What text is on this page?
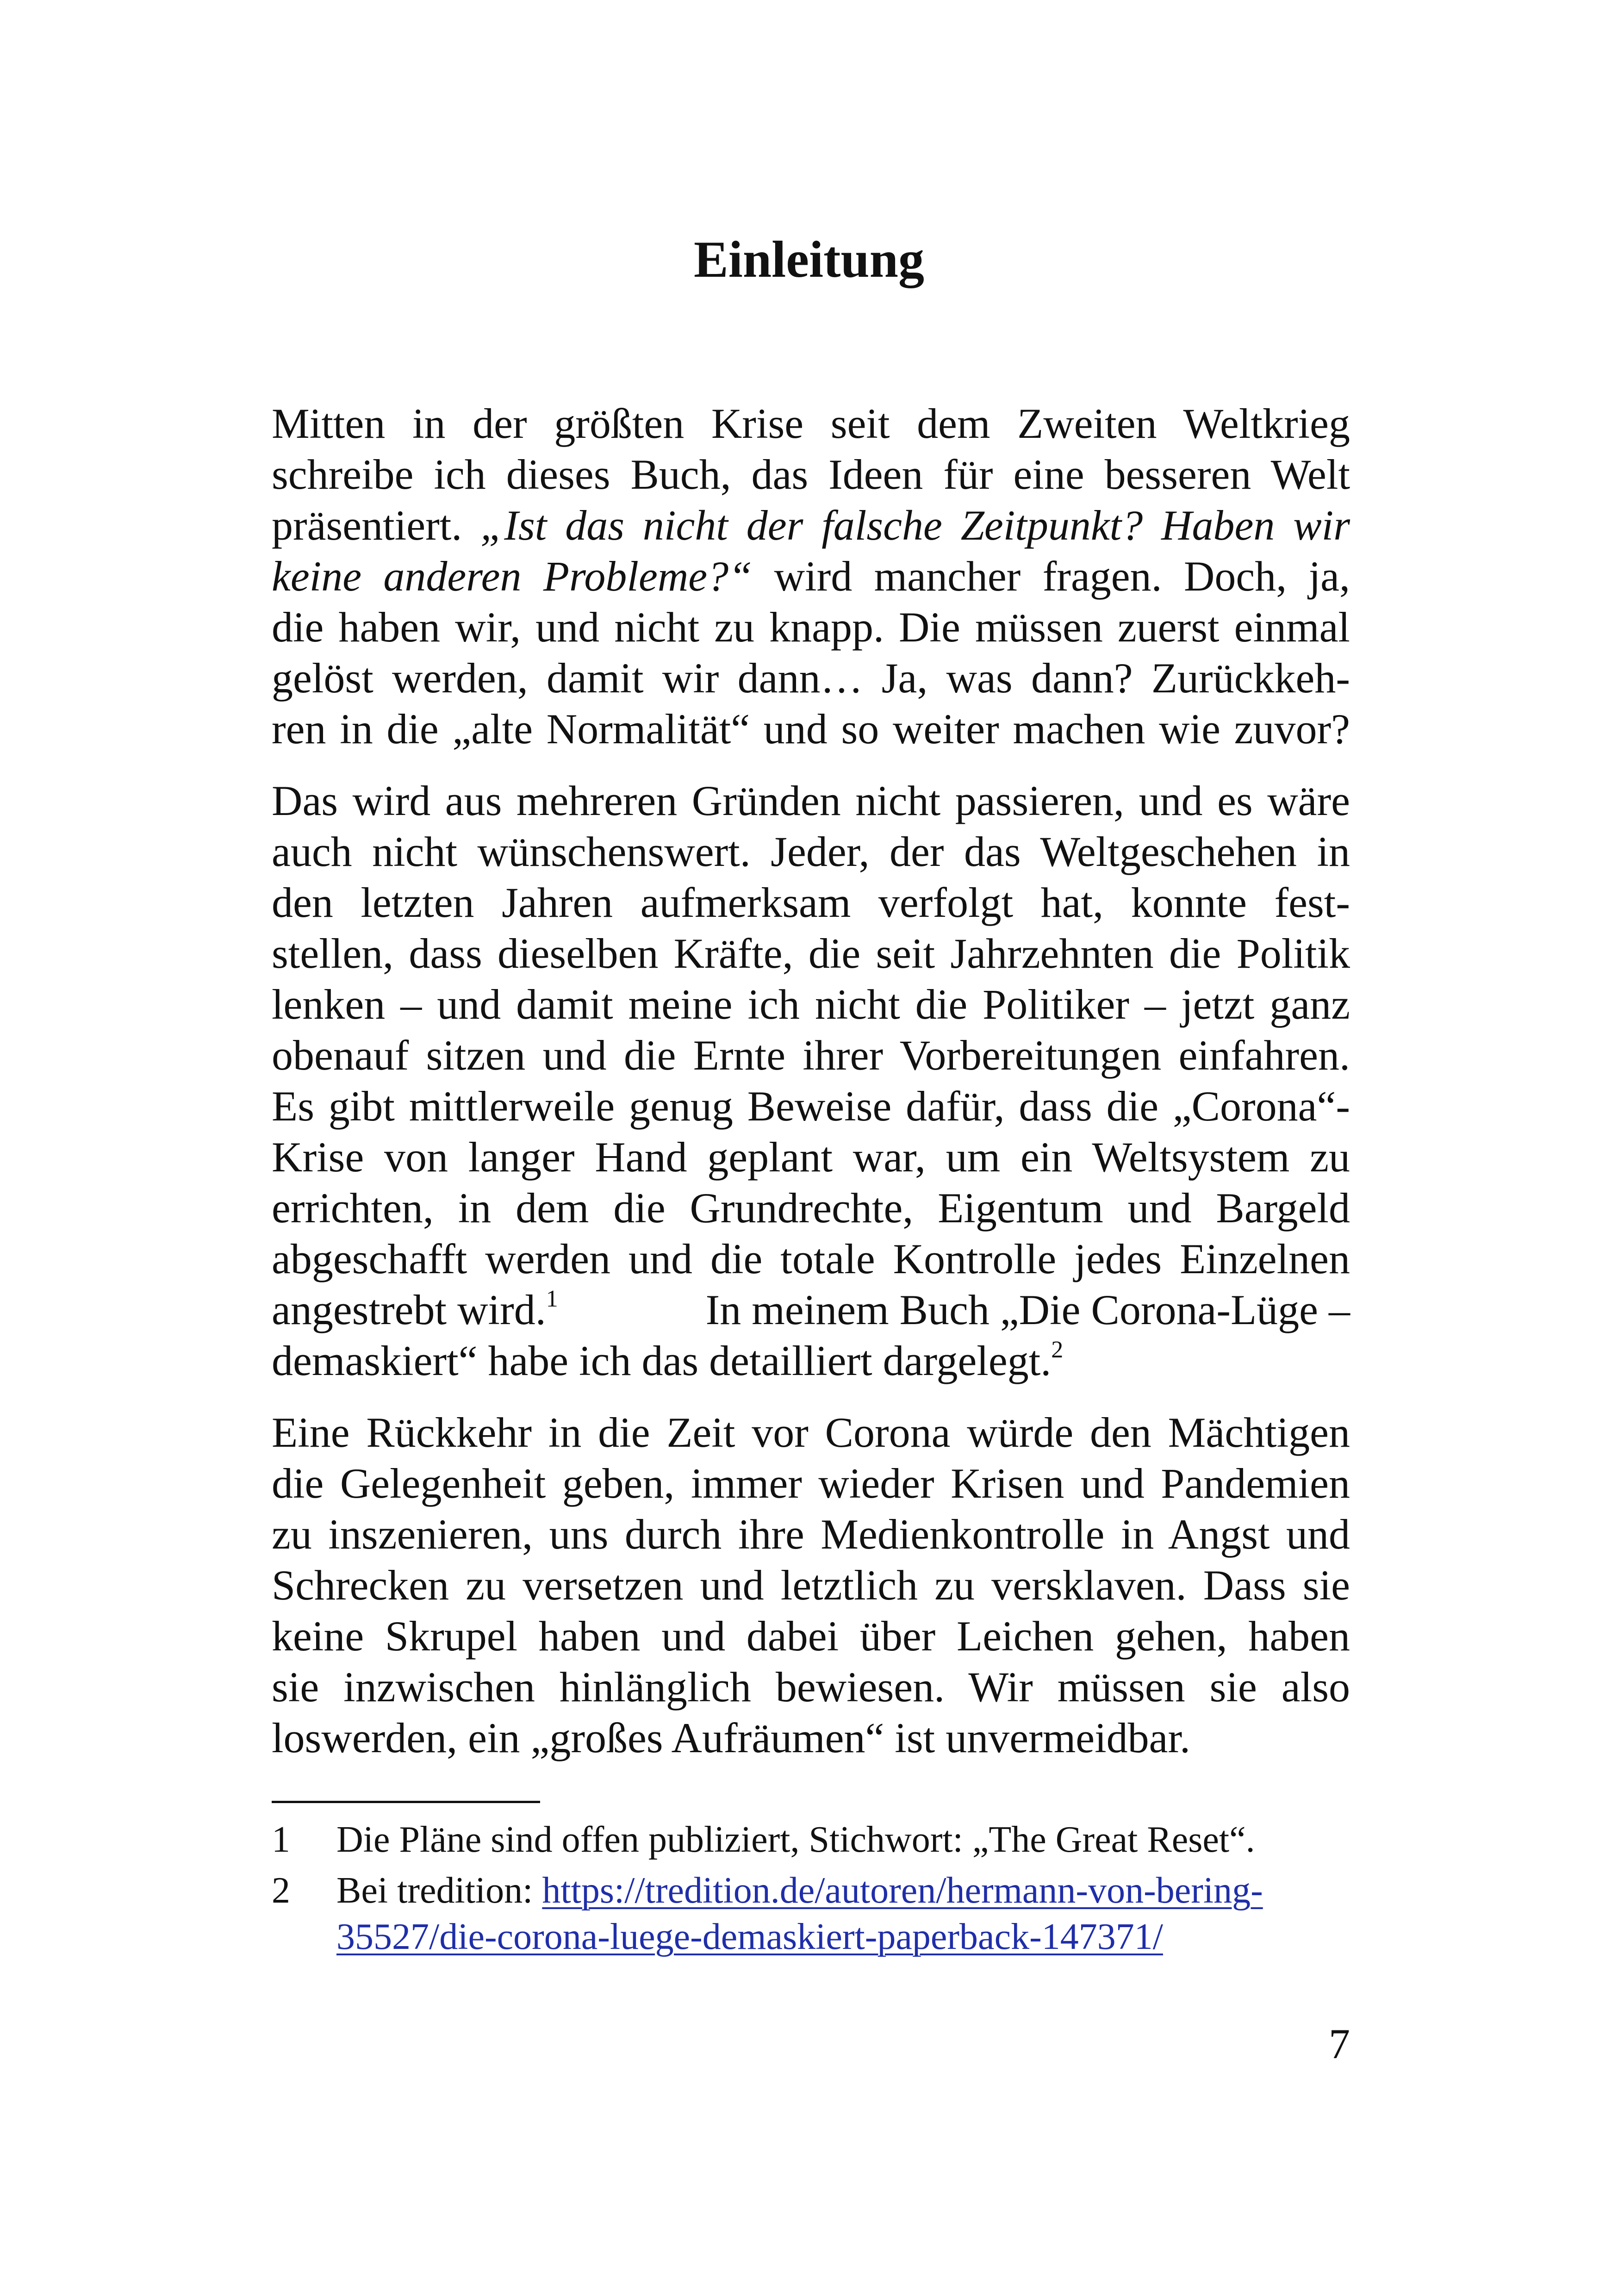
Einleitung

Mitten in der größten Krise seit dem Zweiten Weltkrieg
schreibe ich dieses Buch, das Ideen für eine besseren Welt
präsentiert. „Ist das nicht der falsche Zeitpunkt? Haben wir
keine anderen Probleme?“ wird mancher fragen. Doch, ja,
die haben wir, und nicht zu knapp. Die müssen zuerst einmal
gelöst werden, damit wir dann… Ja, was dann? Zurückkeh-
ren in die „alte Normalität“ und so weiter machen wie zuvor?

Das wird aus mehreren Gründen nicht passieren, und es wäre
auch nicht wünschenswert. Jeder, der das Weltgeschehen in
den letzten Jahren aufmerksam verfolgt hat, konnte fest-
stellen, dass dieselben Kräfte, die seit Jahrzehnten die Politik
lenken – und damit meine ich nicht die Politiker – jetzt ganz
obenauf sitzen und die Ernte ihrer Vorbereitungen einfahren.
Es gibt mittlerweile genug Beweise dafür, dass die „Corona“-
Krise von langer Hand geplant war, um ein Weltsystem zu
errichten, in dem die Grundrechte, Eigentum und Bargeld
abgeschafft werden und die totale Kontrolle jedes Einzelnen
angestrebt wird.$^1$	In meinem Buch „Die Corona-Lüge –
demaskiert“ habe ich das detailliert dargelegt.$^2$

Eine Rückkehr in die Zeit vor Corona würde den Mächtigen
die Gelegenheit geben, immer wieder Krisen und Pandemien
zu inszenieren, uns durch ihre Medienkontrolle in Angst und
Schrecken zu versetzen und letztlich zu versklaven. Dass sie
keine Skrupel haben und dabei über Leichen gehen, haben
sie inzwischen hinlänglich bewiesen. Wir müssen sie also
loswerden, ein „großes Aufräumen“ ist unvermeidbar.

1	Die Pläne sind offen publiziert, Stichwort: „The Great Reset“.
2	Bei tredition: https://tredition.de/autoren/hermann-von-bering-
35527/die-corona-luege-demaskiert-paperback-147371/
7
